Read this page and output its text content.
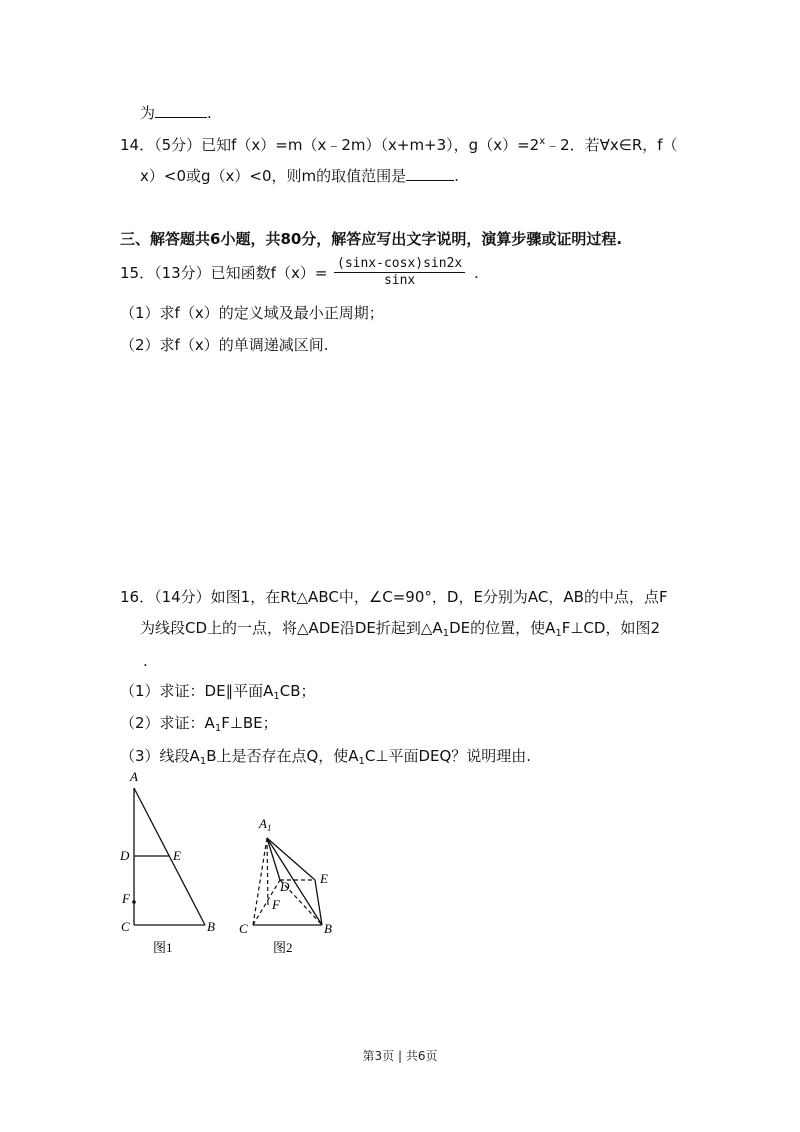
为	.
14．（5分）已知f（x）=m（x﹣2m）（x+m+3），$g(x)=2^x﹣2$．若∀x∈R，f（
x）<0或g（x）<0，则m的取值范围是	.
三、解答题共6小题，共80分，解答应写出文字说明，演算步骤或证明过程.
15．（13分）已知函数$f(x)= \frac{(\sin x-\cos x)\sin 2x}{\sin x}$ .
（1）求f（x）的定义域及最小正周期；
（2）求f（x）的单调递减区间.
16．（14分）如图1，在Rt△ABC中，∠C=90°，D，E分别为AC，AB的中点，点F
为线段CD上的一点，将△ADE沿DE折起到$\triangle A_1DE$的位置，使$A_1F\perp CD$，如图2
.
（1）求证：DE∥平面$A_1CB$；
（2）求证：$A_1F\perp BE$；
（3）线段$A_1B$上是否存在点Q，使$A_1C\perp$平面DEQ？说明理由.
A
D	E
F
C	B
图1
$A_1$
D
E
F
C	B
图2
第3页 | 共6页
